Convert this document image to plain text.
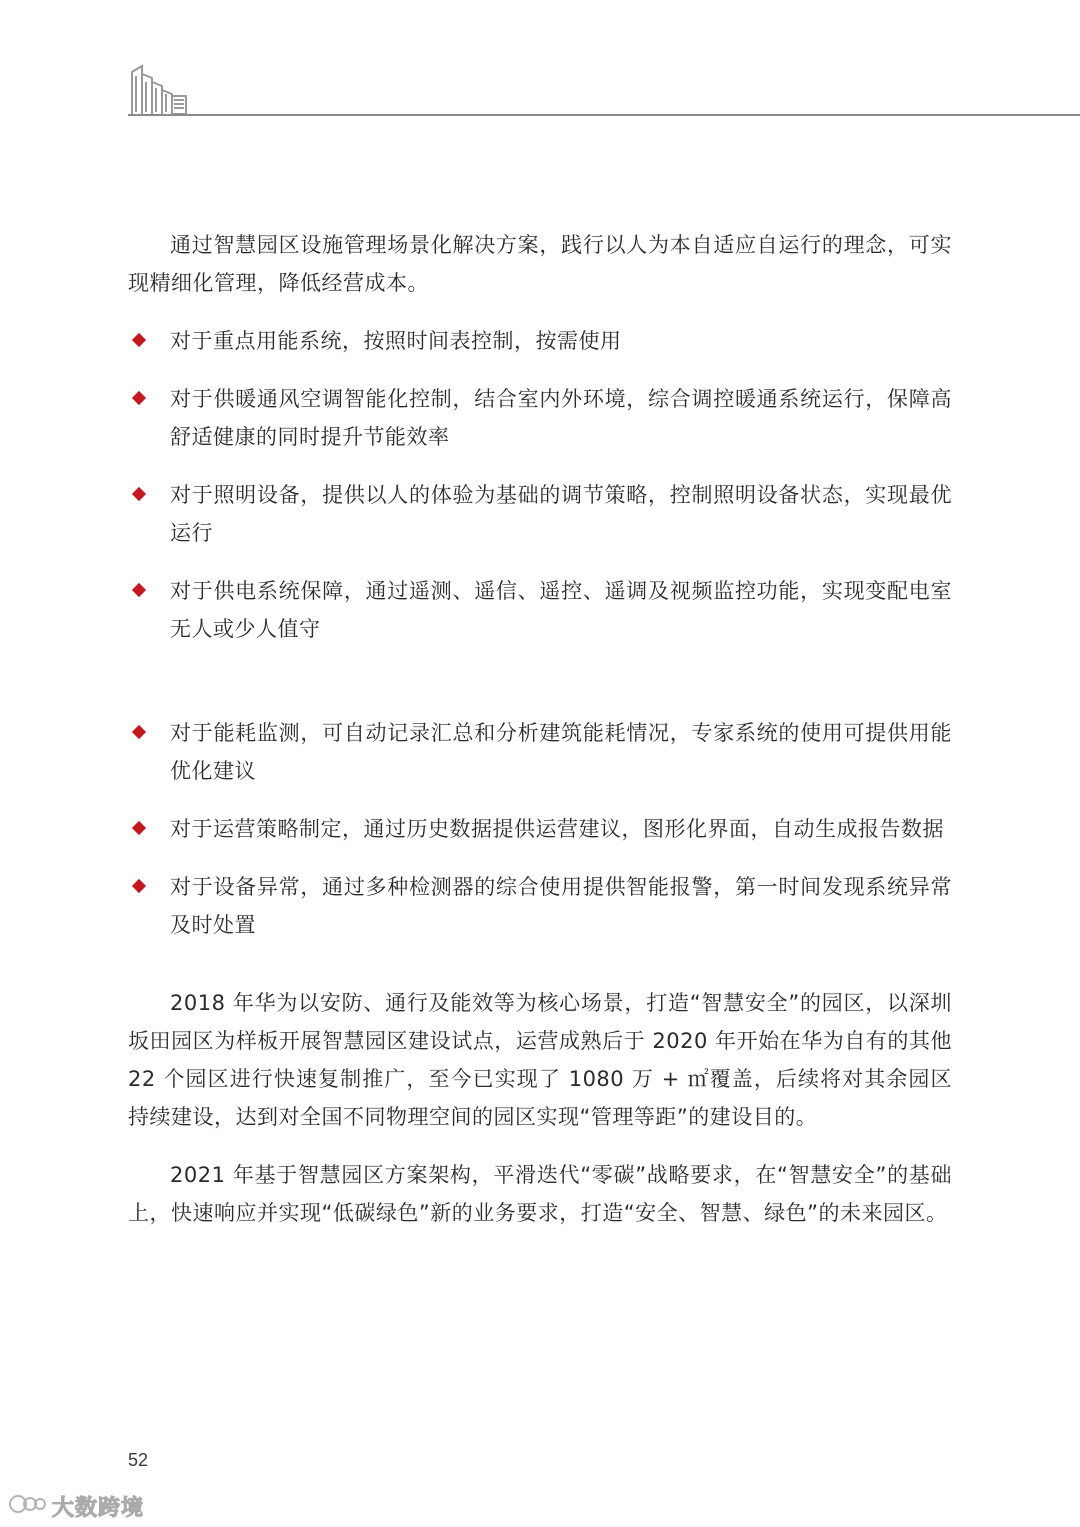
通过智慧园区设施管理场景化解决方案，践行以人为本自适应自运行的理念，可实现精细化管理，降低经营成本。

对于重点用能系统，按照时间表控制，按需使用
对于供暖通风空调智能化控制，结合室内外环境，综合调控暖通系统运行，保障高舒适健康的同时提升节能效率
对于照明设备，提供以人的体验为基础的调节策略，控制照明设备状态，实现最优运行
对于供电系统保障，通过遥测、遥信、遥控、遥调及视频监控功能，实现变配电室无人或少人值守
对于能耗监测，可自动记录汇总和分析建筑能耗情况，专家系统的使用可提供用能优化建议
对于运营策略制定，通过历史数据提供运营建议，图形化界面，自动生成报告数据
对于设备异常，通过多种检测器的综合使用提供智能报警，第一时间发现系统异常及时处置

2018 年华为以安防、通行及能效等为核心场景，打造“智慧安全”的园区，以深圳坂田园区为样板开展智慧园区建设试点，运营成熟后于 2020 年开始在华为自有的其他 22 个园区进行快速复制推广，至今已实现了 1080 万 + ㎡覆盖，后续将对其余园区持续建设，达到对全国不同物理空间的园区实现“管理等距”的建设目的。

2021 年基于智慧园区方案架构，平滑迭代“零碳”战略要求，在“智慧安全”的基础上，快速响应并实现“低碳绿色”新的业务要求，打造“安全、智慧、绿色”的未来园区。

52
大数跨境
